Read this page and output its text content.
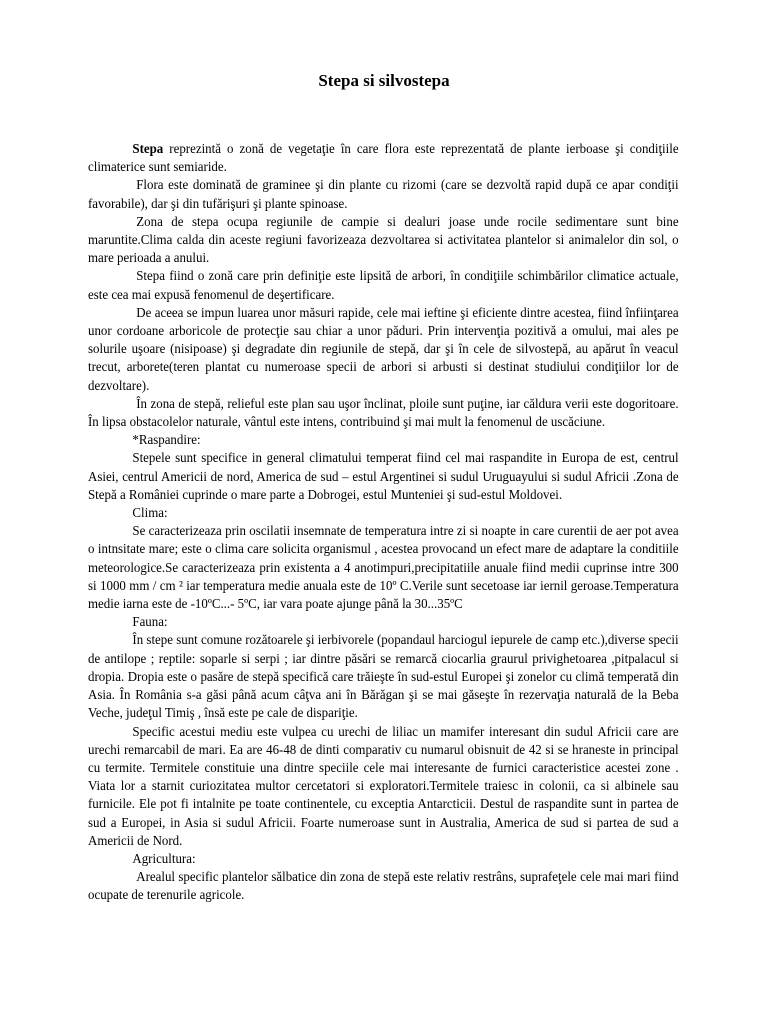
Stepa si silvostepa

Stepa reprezintă o zonă de vegetaţie în care flora este reprezentată de plante ierboase şi condiţiile climaterice sunt semiaride.

Flora este dominată de graminee şi din plante cu rizomi (care se dezvoltă rapid după ce apar condiţii favorabile), dar şi din tufărişuri şi plante spinoase.

Zona de stepa ocupa regiunile de campie si dealuri joase unde rocile sedimentare sunt bine maruntite.Clima calda din aceste regiuni favorizeaza dezvoltarea si activitatea plantelor si animalelor din sol, o mare perioada a anului.

Stepa fiind o zonă care prin definiţie este lipsită de arbori, în condiţiile schimbărilor climatice actuale, este cea mai expusă fenomenul de deşertificare.

De aceea se impun luarea unor măsuri rapide, cele mai ieftine şi eficiente dintre acestea, fiind înfiinţarea unor cordoane arboricole de protecţie sau chiar a unor păduri. Prin intervenţia pozitivă a omului, mai ales pe solurile uşoare (nisipoase) şi degradate din regiunile de stepă, dar şi în cele de silvostepă, au apărut în veacul trecut, arborete(teren plantat cu numeroase specii de arbori si arbusti si destinat studiului condiţiilor lor de dezvoltare).

În zona de stepă, relieful este plan sau uşor înclinat, ploile sunt puţine, iar căldura verii este dogoritoare. În lipsa obstacolelor naturale, vântul este intens, contribuind şi mai mult la fenomenul de uscăciune.

*Raspandire:

Stepele sunt specifice in general climatului temperat fiind cel mai raspandite in Europa de est, centrul Asiei, centrul Americii de nord, America de sud – estul Argentinei si sudul Uruguayului si sudul Africii .Zona de Stepă a României cuprinde o mare parte a Dobrogei, estul Munteniei şi sud-estul Moldovei.

Clima:

Se caracterizeaza prin oscilatii insemnate de temperatura intre zi si noapte in care curentii de aer pot avea o intnsitate mare; este o clima care solicita organismul , acestea provocand un efect mare de adaptare la conditiile meteorologice.Se caracterizeaza prin existenta a 4 anotimpuri,precipitatiile anuale fiind medii cuprinse intre 300 si 1000 mm / cm ² iar temperatura medie anuala este de 10º C.Verile sunt secetoase iar iernil geroase.Temperatura medie iarna este de -10ºC...- 5ºC, iar vara poate ajunge până la 30...35ºC

Fauna:

În stepe sunt comune rozătoarele şi ierbivorele (popandaul harciogul iepurele de camp etc.),diverse specii de antilope ; reptile: soparle si serpi ; iar dintre păsări se remarcă ciocarlia graurul privighetoarea ,pitpalacul si dropia. Dropia este o pasăre de stepă specifică care trăieşte în sud-estul Europei şi zonelor cu climă temperată din Asia. În România s-a găsi până acum câţva ani în Bărăgan şi se mai găseşte în rezervaţia naturală de la Beba Veche, judeţul Timiş , însă este pe cale de dispariţie.

Specific acestui mediu este vulpea cu urechi de liliac un mamifer interesant din sudul Africii care are urechi remarcabil de mari. Ea are 46-48 de dinti comparativ cu numarul obisnuit de 42 si se hraneste in principal cu termite. Termitele constituie una dintre speciile cele mai interesante de furnici caracteristice acestei zone . Viata lor a starnit curiozitatea multor cercetatori si exploratori.Termitele traiesc in colonii, ca si albinele sau furnicile. Ele pot fi intalnite pe toate continentele, cu exceptia Antarcticii. Destul de raspandite sunt in partea de sud a Europei, in Asia si sudul Africii. Foarte numeroase sunt in Australia, America de sud si partea de sud a Americii de Nord.

Agricultura:

Arealul specific plantelor sălbatice din zona de stepă este relativ restrâns, suprafeţele cele mai mari fiind ocupate de terenurile agricole.
